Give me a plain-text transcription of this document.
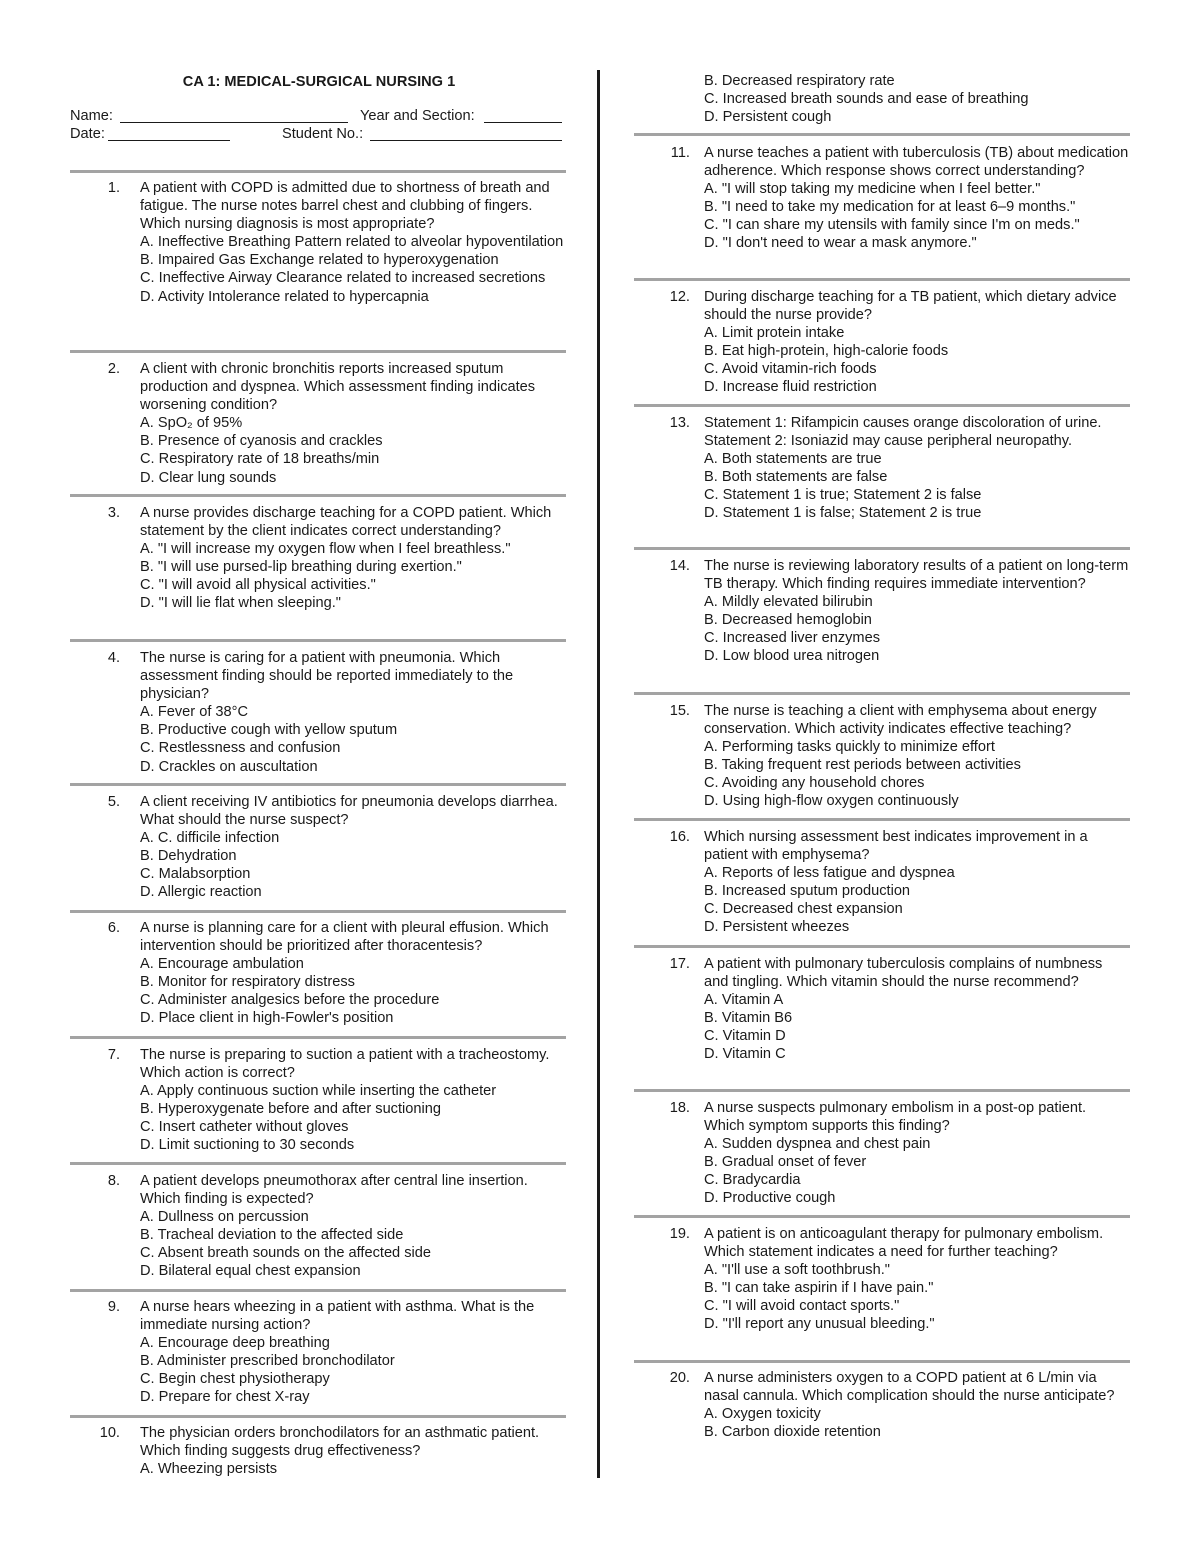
CA 1: MEDICAL-SURGICAL NURSING 1
Name:	Year and Section:
Date:	Student No.:
1. A patient with COPD is admitted due to shortness of breath and fatigue. The nurse notes barrel chest and clubbing of fingers. Which nursing diagnosis is most appropriate?
A. Ineffective Breathing Pattern related to alveolar hypoventilation
B. Impaired Gas Exchange related to hyperoxygenation
C. Ineffective Airway Clearance related to increased secretions
D. Activity Intolerance related to hypercapnia
2. A client with chronic bronchitis reports increased sputum production and dyspnea. Which assessment finding indicates worsening condition?
A. SpO₂ of 95%
B. Presence of cyanosis and crackles
C. Respiratory rate of 18 breaths/min
D. Clear lung sounds
3. A nurse provides discharge teaching for a COPD patient. Which statement by the client indicates correct understanding?
A. "I will increase my oxygen flow when I feel breathless."
B. "I will use pursed-lip breathing during exertion."
C. "I will avoid all physical activities."
D. "I will lie flat when sleeping."
4. The nurse is caring for a patient with pneumonia. Which assessment finding should be reported immediately to the physician?
A. Fever of 38°C
B. Productive cough with yellow sputum
C. Restlessness and confusion
D. Crackles on auscultation
5. A client receiving IV antibiotics for pneumonia develops diarrhea. What should the nurse suspect?
A. C. difficile infection
B. Dehydration
C. Malabsorption
D. Allergic reaction
6. A nurse is planning care for a client with pleural effusion. Which intervention should be prioritized after thoracentesis?
A. Encourage ambulation
B. Monitor for respiratory distress
C. Administer analgesics before the procedure
D. Place client in high-Fowler's position
7. The nurse is preparing to suction a patient with a tracheostomy. Which action is correct?
A. Apply continuous suction while inserting the catheter
B. Hyperoxygenate before and after suctioning
C. Insert catheter without gloves
D. Limit suctioning to 30 seconds
8. A patient develops pneumothorax after central line insertion. Which finding is expected?
A. Dullness on percussion
B. Tracheal deviation to the affected side
C. Absent breath sounds on the affected side
D. Bilateral equal chest expansion
9. A nurse hears wheezing in a patient with asthma. What is the immediate nursing action?
A. Encourage deep breathing
B. Administer prescribed bronchodilator
C. Begin chest physiotherapy
D. Prepare for chest X-ray
10. The physician orders bronchodilators for an asthmatic patient. Which finding suggests drug effectiveness?
A. Wheezing persists
B. Decreased respiratory rate
C. Increased breath sounds and ease of breathing
D. Persistent cough
11. A nurse teaches a patient with tuberculosis (TB) about medication adherence. Which response shows correct understanding?
A. "I will stop taking my medicine when I feel better."
B. "I need to take my medication for at least 6–9 months."
C. "I can share my utensils with family since I'm on meds."
D. "I don't need to wear a mask anymore."
12. During discharge teaching for a TB patient, which dietary advice should the nurse provide?
A. Limit protein intake
B. Eat high-protein, high-calorie foods
C. Avoid vitamin-rich foods
D. Increase fluid restriction
13. Statement 1: Rifampicin causes orange discoloration of urine.
Statement 2: Isoniazid may cause peripheral neuropathy.
A. Both statements are true
B. Both statements are false
C. Statement 1 is true; Statement 2 is false
D. Statement 1 is false; Statement 2 is true
14. The nurse is reviewing laboratory results of a patient on long-term TB therapy. Which finding requires immediate intervention?
A. Mildly elevated bilirubin
B. Decreased hemoglobin
C. Increased liver enzymes
D. Low blood urea nitrogen
15. The nurse is teaching a client with emphysema about energy conservation. Which activity indicates effective teaching?
A. Performing tasks quickly to minimize effort
B. Taking frequent rest periods between activities
C. Avoiding any household chores
D. Using high-flow oxygen continuously
16. Which nursing assessment best indicates improvement in a patient with emphysema?
A. Reports of less fatigue and dyspnea
B. Increased sputum production
C. Decreased chest expansion
D. Persistent wheezes
17. A patient with pulmonary tuberculosis complains of numbness and tingling. Which vitamin should the nurse recommend?
A. Vitamin A
B. Vitamin B6
C. Vitamin D
D. Vitamin C
18. A nurse suspects pulmonary embolism in a post-op patient. Which symptom supports this finding?
A. Sudden dyspnea and chest pain
B. Gradual onset of fever
C. Bradycardia
D. Productive cough
19. A patient is on anticoagulant therapy for pulmonary embolism. Which statement indicates a need for further teaching?
A. "I'll use a soft toothbrush."
B. "I can take aspirin if I have pain."
C. "I will avoid contact sports."
D. "I'll report any unusual bleeding."
20. A nurse administers oxygen to a COPD patient at 6 L/min via nasal cannula. Which complication should the nurse anticipate?
A. Oxygen toxicity
B. Carbon dioxide retention
